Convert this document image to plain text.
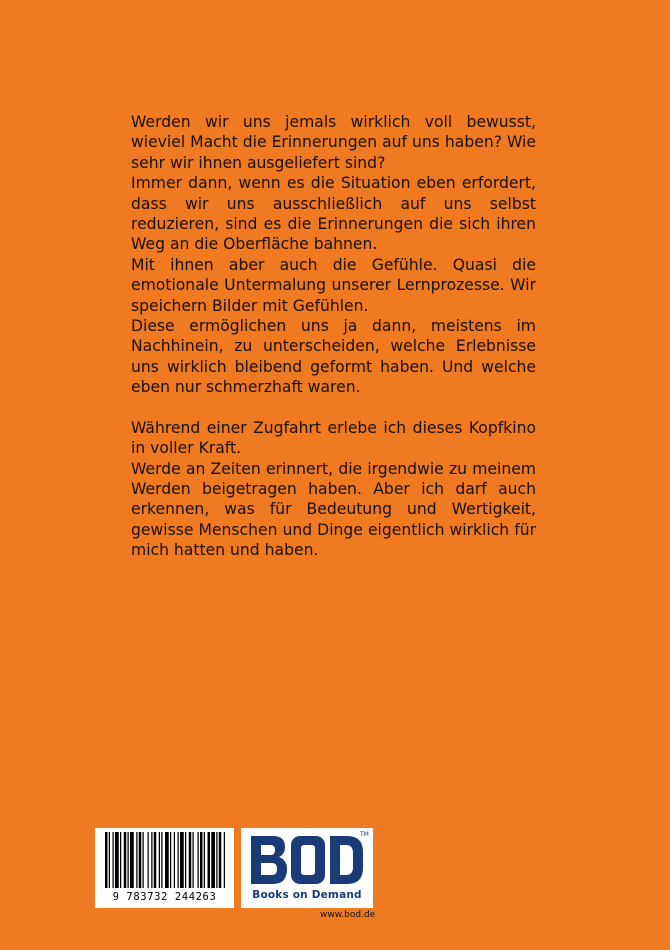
Werden wir uns jemals wirklich voll bewusst, wieviel Macht die Erinnerungen auf uns haben? Wie sehr wir ihnen ausgeliefert sind?

Immer dann, wenn es die Situation eben erfordert, dass wir uns ausschließlich auf uns selbst reduzieren, sind es die Erinnerungen die sich ihren Weg an die Oberfläche bahnen.

Mit ihnen aber auch die Gefühle. Quasi die emotionale Untermalung unserer Lernprozesse. Wir speichern Bilder mit Gefühlen.

Diese ermöglichen uns ja dann, meistens im Nachhinein, zu unterscheiden, welche Erlebnisse uns wirklich bleibend geformt haben. Und welche eben nur schmerzhaft waren.

Während einer Zugfahrt erlebe ich dieses Kopfkino in voller Kraft.

Werde an Zeiten erinnert, die irgendwie zu meinem Werden beigetragen haben. Aber ich darf auch erkennen, was für Bedeutung und Wertigkeit, gewisse Menschen und Dinge eigentlich wirklich für mich hatten und haben.

9 783732 244263
TM
Books on Demand
www.bod.de
